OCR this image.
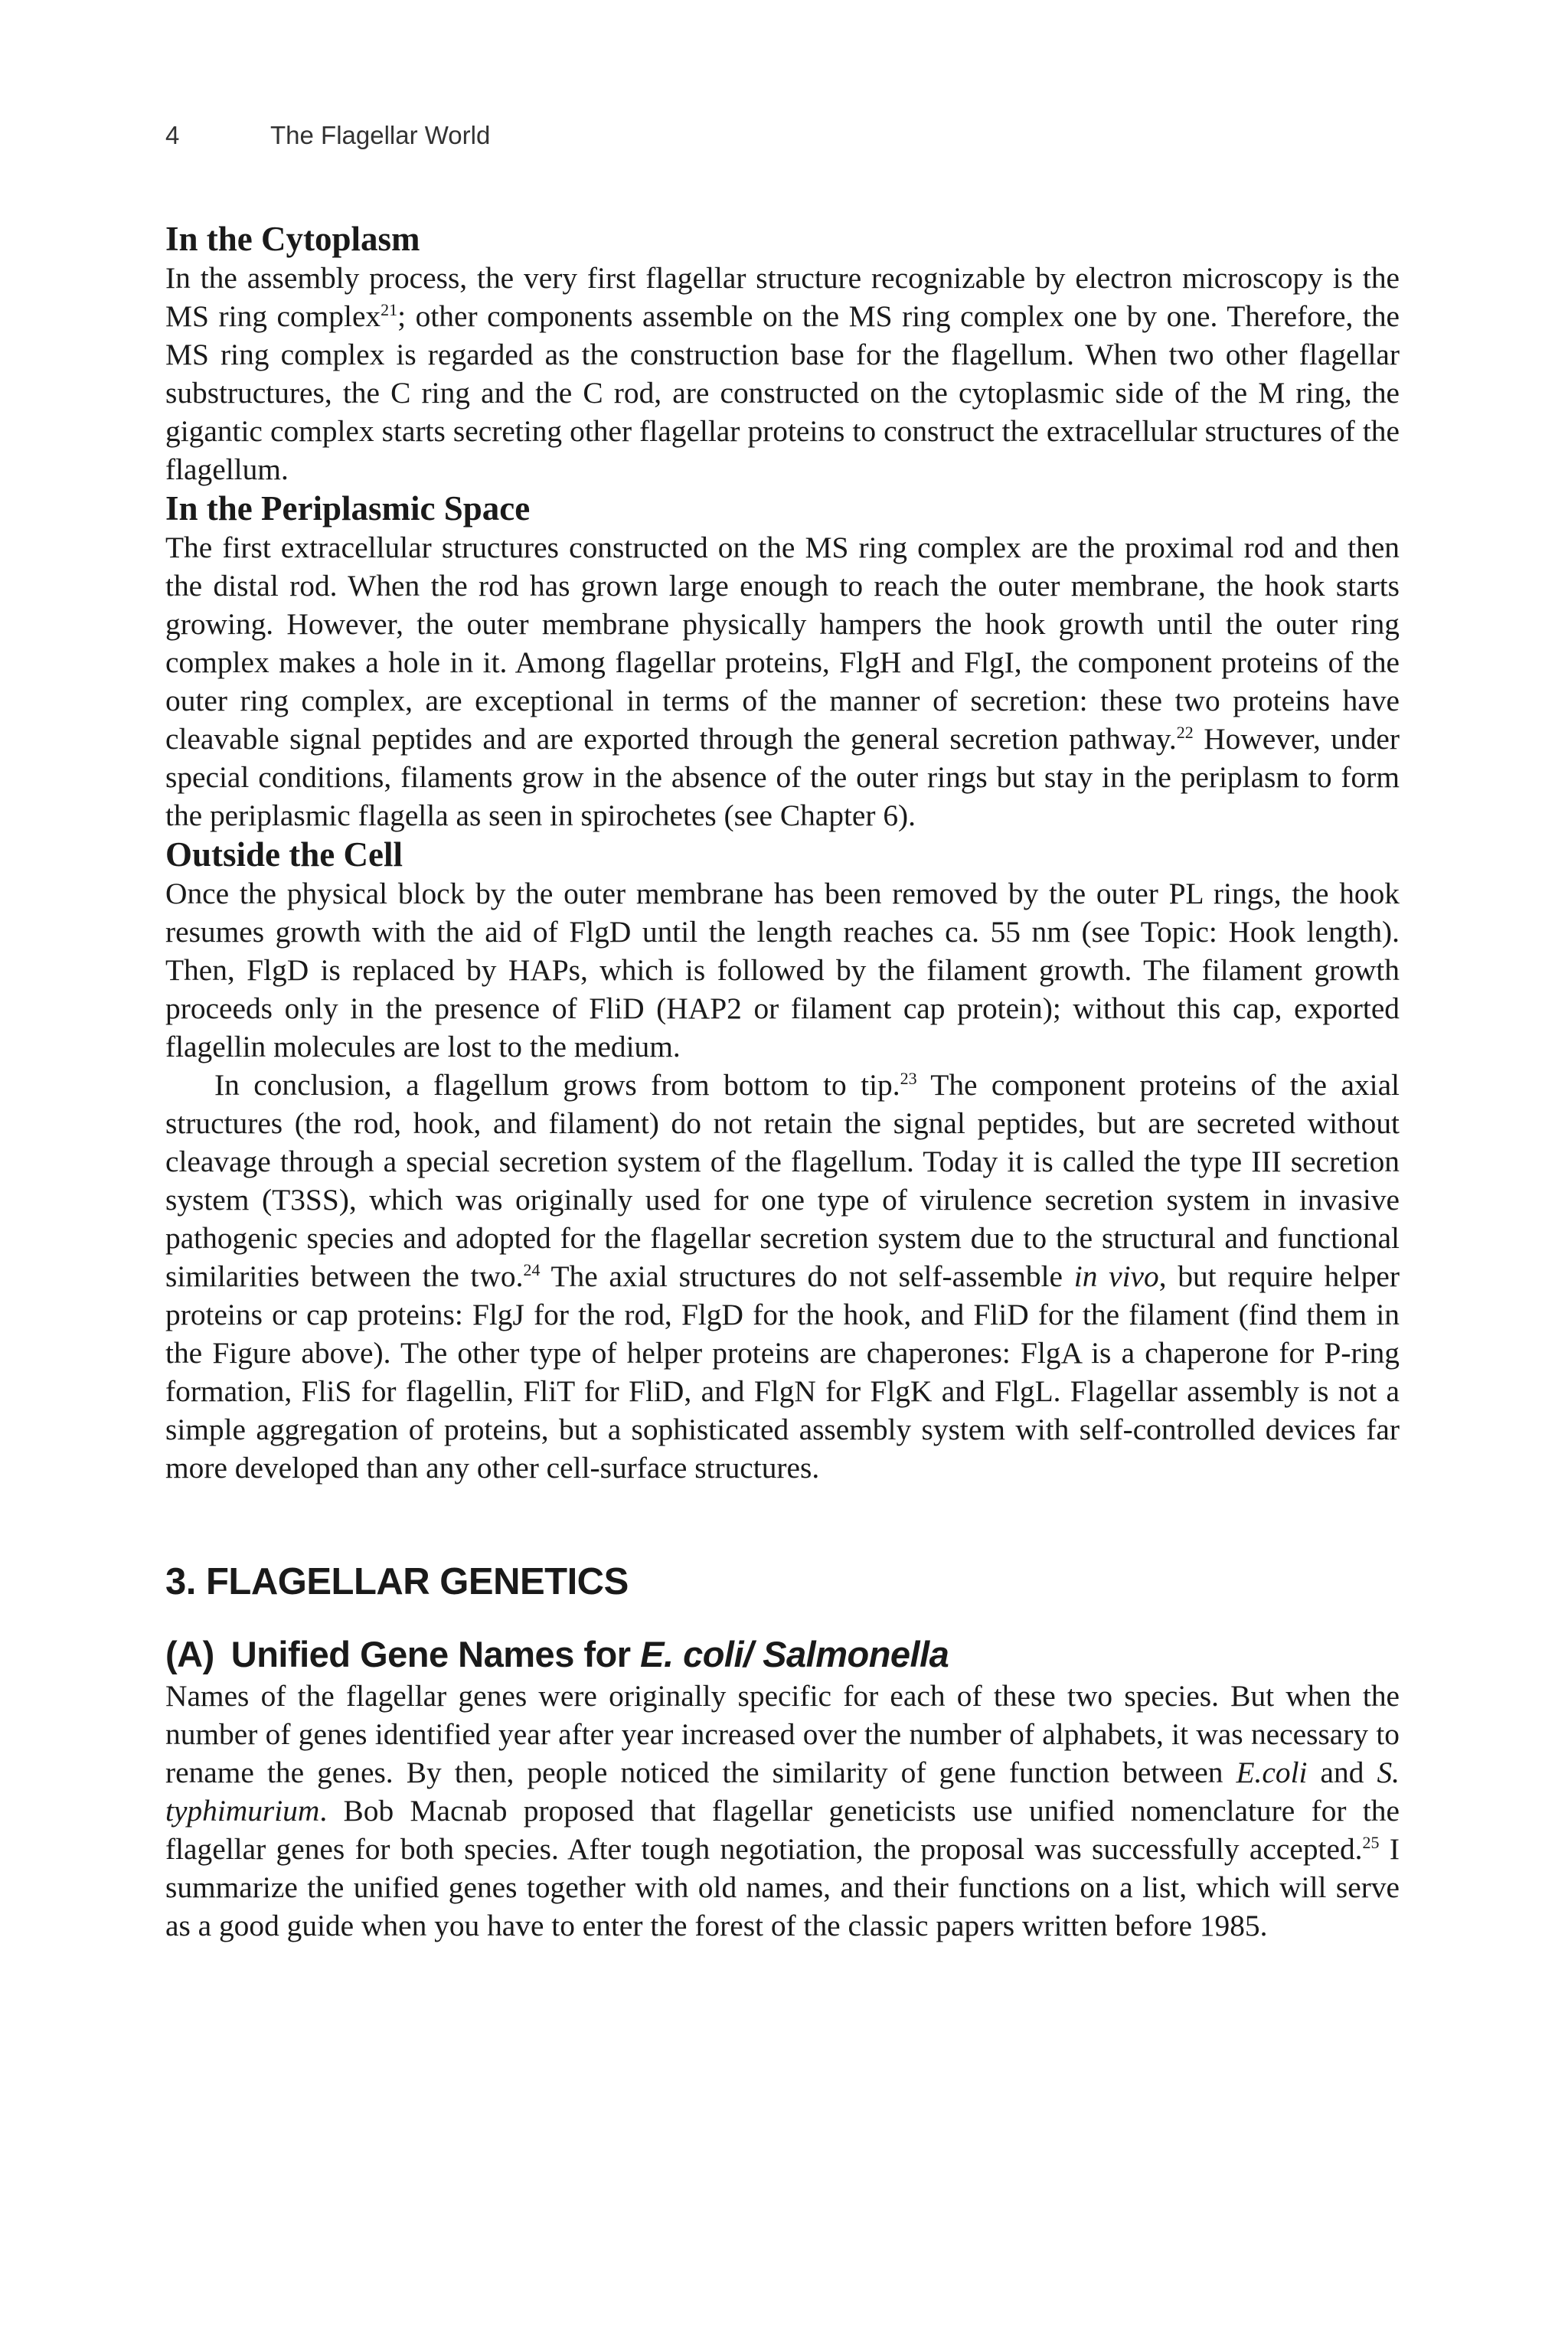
4	The Flagellar World
In the Cytoplasm

In the assembly process, the very first flagellar structure recognizable by electron microscopy is the MS ring complex$^{21}$; other components assemble on the MS ring complex one by one. Therefore, the MS ring complex is regarded as the construction base for the flagellum. When two other flagellar substructures, the C ring and the C rod, are constructed on the cytoplasmic side of the M ring, the gigantic complex starts secreting other flagellar proteins to construct the extracellular structures of the flagellum.

In the Periplasmic Space

The first extracellular structures constructed on the MS ring complex are the proximal rod and then the distal rod. When the rod has grown large enough to reach the outer membrane, the hook starts growing. However, the outer membrane physically hampers the hook growth until the outer ring complex makes a hole in it. Among flagellar proteins, FlgH and FlgI, the component proteins of the outer ring complex, are exceptional in terms of the manner of secretion: these two proteins have cleavable signal peptides and are exported through the general secretion pathway.$^{22}$ However, under special conditions, filaments grow in the absence of the outer rings but stay in the periplasm to form the periplasmic flagella as seen in spirochetes (see Chapter 6).

Outside the Cell

Once the physical block by the outer membrane has been removed by the outer PL rings, the hook resumes growth with the aid of FlgD until the length reaches ca. 55 nm (see Topic: Hook length). Then, FlgD is replaced by HAPs, which is followed by the filament growth. The filament growth proceeds only in the presence of FliD (HAP2 or filament cap protein); without this cap, exported flagellin molecules are lost to the medium.

In conclusion, a flagellum grows from bottom to tip.$^{23}$ The component proteins of the axial structures (the rod, hook, and filament) do not retain the signal peptides, but are secreted without cleavage through a special secretion system of the flagellum. Today it is called the type III secretion system (T3SS), which was originally used for one type of virulence secretion system in invasive pathogenic species and adopted for the flagellar secretion system due to the structural and functional similarities between the two.$^{24}$ The axial structures do not self-assemble in vivo, but require helper proteins or cap proteins: FlgJ for the rod, FlgD for the hook, and FliD for the filament (find them in the Figure above). The other type of helper proteins are chaperones: FlgA is a chaperone for P-ring formation, FliS for flagellin, FliT for FliD, and FlgN for FlgK and FlgL. Flagellar assembly is not a simple aggregation of proteins, but a sophisticated assembly system with self-controlled devices far more developed than any other cell-surface structures.

3. FLAGELLAR GENETICS
(A) Unified Gene Names for E. coli/ Salmonella

Names of the flagellar genes were originally specific for each of these two species. But when the number of genes identified year after year increased over the number of alphabets, it was necessary to rename the genes. By then, people noticed the similarity of gene function between E.coli and S. typhimurium. Bob Macnab proposed that flagellar geneticists use unified nomenclature for the flagellar genes for both species. After tough negotiation, the proposal was successfully accepted.$^{25}$ I summarize the unified genes together with old names, and their functions on a list, which will serve as a good guide when you have to enter the forest of the classic papers written before 1985.
